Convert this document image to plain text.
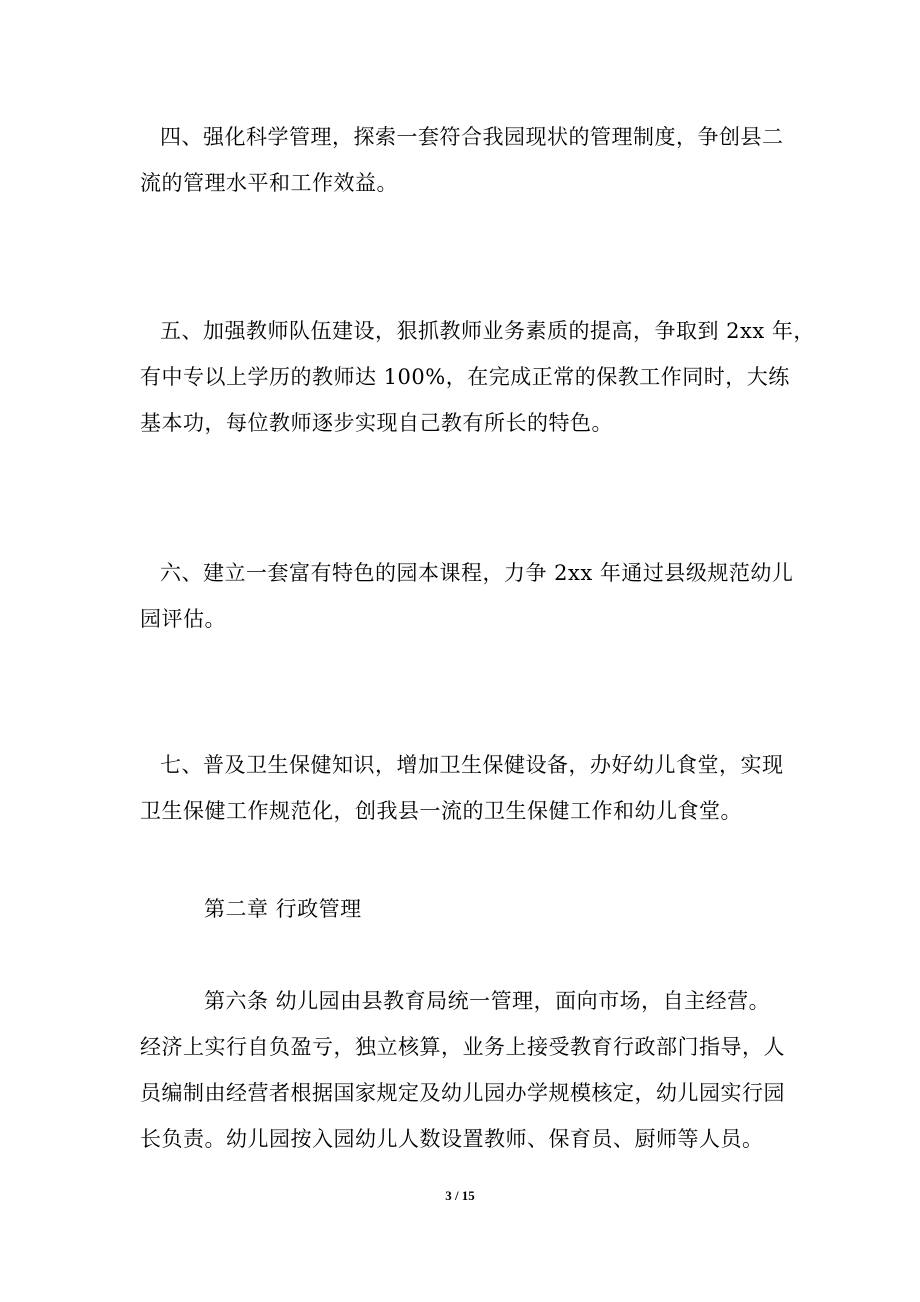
四、强化科学管理，探索一套符合我园现状的管理制度，争创县二
流的管理水平和工作效益。
五、加强教师队伍建设，狠抓教师业务素质的提高，争取到 2xx 年，
有中专以上学历的教师达 100%，在完成正常的保教工作同时，大练
基本功，每位教师逐步实现自己教有所长的特色。
六、建立一套富有特色的园本课程，力争 2xx 年通过县级规范幼儿
园评估。
七、普及卫生保健知识，增加卫生保健设备，办好幼儿食堂，实现
卫生保健工作规范化，创我县一流的卫生保健工作和幼儿食堂。
第二章 行政管理
第六条 幼儿园由县教育局统一管理，面向市场，自主经营。
经济上实行自负盈亏，独立核算，业务上接受教育行政部门指导，人
员编制由经营者根据国家规定及幼儿园办学规模核定，幼儿园实行园
长负责。幼儿园按入园幼儿人数设置教师、保育员、厨师等人员。
3 / 15
